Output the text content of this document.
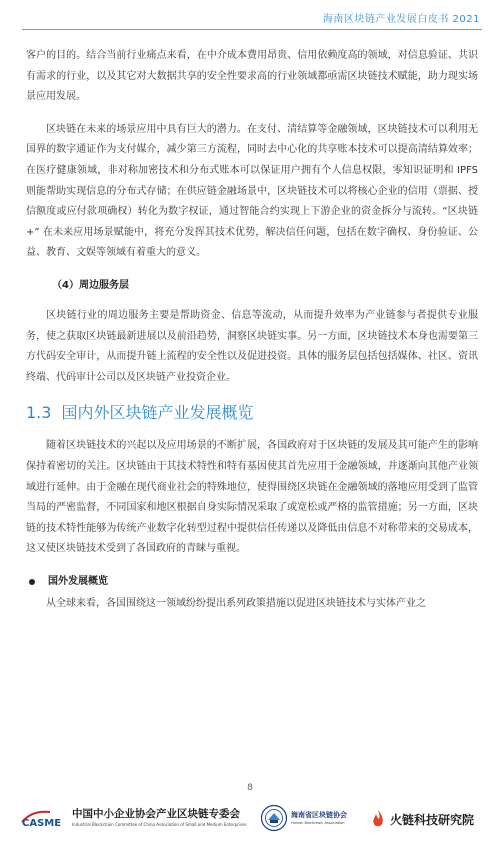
海南区块链产业发展白皮书 2021

客户的目的。结合当前行业痛点来看，在中介成本费用昂贵、信用依赖度高的领域，对信息验证、共识有需求的行业，以及其它对大数据共享的安全性要求高的行业领域都亟需区块链技术赋能，助力现实场景应用发展。

区块链在未来的场景应用中具有巨大的潜力。在支付、清结算等金融领域，区块链技术可以利用无国界的数字通证作为支付媒介，减少第三方流程，同时去中心化的共享账本技术可以提高清结算效率；在医疗健康领域，非对称加密技术和分布式账本可以保证用户拥有个人信息权限，零知识证明和 IPFS 则能帮助实现信息的分布式存储；在供应链金融场景中，区块链技术可以将核心企业的信用（票据、授信额度或应付款项确权）转化为数字权证，通过智能合约实现上下游企业的资金拆分与流转。“区块链+” 在未来应用场景赋能中，将充分发挥其技术优势，解决信任问题，包括在数字确权、身份验证、公益、教育、文娱等领域有着重大的意义。

（4）周边服务层

区块链行业的周边服务主要是帮助资金、信息等流动，从而提升效率为产业链参与者提供专业服务，使之获取区块链最新进展以及前沿趋势，洞察区块链实事。另一方面，区块链技术本身也需要第三方代码安全审计，从而提升链上流程的安全性以及促进投资。具体的服务层包括包括媒体、社区、资讯终端、代码审计公司以及区块链产业投资企业。

1.3 国内外区块链产业发展概览

随着区块链技术的兴起以及应用场景的不断扩展，各国政府对于区块链的发展及其可能产生的影响保持着密切的关注。区块链由于其技术特性和特有基因使其首先应用于金融领域，并逐渐向其他产业领域进行延伸。由于金融在现代商业社会的特殊地位，使得围绕区块链在金融领域的落地应用受到了监管当局的严密监督，不同国家和地区根据自身实际情况采取了或宽松或严格的监管措施；另一方面，区块链的技术特性能够为传统产业数字化转型过程中提供信任传递以及降低由信息不对称带来的交易成本，这又使区块链技术受到了各国政府的青睐与重视。

国外发展概览

从全球来看，各国围绕这一领域纷纷提出系列政策措施以促进区块链技术与实体产业之

8
CASME
中国中小企业协会产业区块链专委会
Industrial Blockchain Committee of China Association of Small and Medium Enterprises
海南省区块链协会
Hainan Blockchain Association	火链科技研究院
